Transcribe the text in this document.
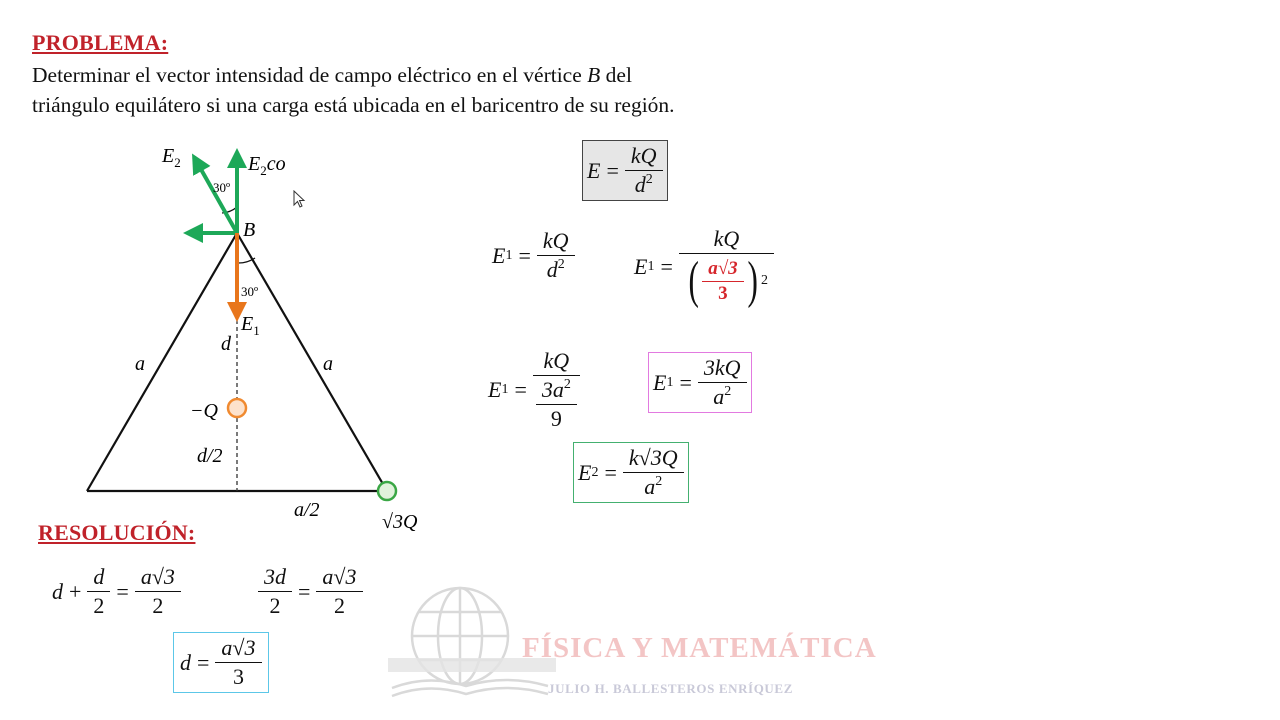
PROBLEMA:
Determinar el vector intensidad de campo eléctrico en el vértice B del
triángulo equilátero si una carga está ubicada en el baricentro de su región.
$E_2$	$E_2co$
30º
B
30º
$E_1$
d
a	a
−Q
d/2
a/2
√3Q
$E = \frac{kQ}{d^2}$
E $1 = \frac{kQ}{d^2}$	E $1 = \frac{kQ}{( \frac{a√3}{3} ) 2}$
E $1 = \frac{kQ}{\frac{3a^2}{9}}$	E $1 = \frac{3kQ}{a^2}$
E $2 = \frac{k√3Q}{a^2}$
RESOLUCIÓN:
$d + \frac{d}{2} = \frac{a√3}{2}$	$\frac{3d}{2} = \frac{a√3}{2}$
$d = \frac{a√3}{3}$	FÍSICA Y MATEMÁTICA
JULIO H. BALLESTEROS ENRÍQUEZ
